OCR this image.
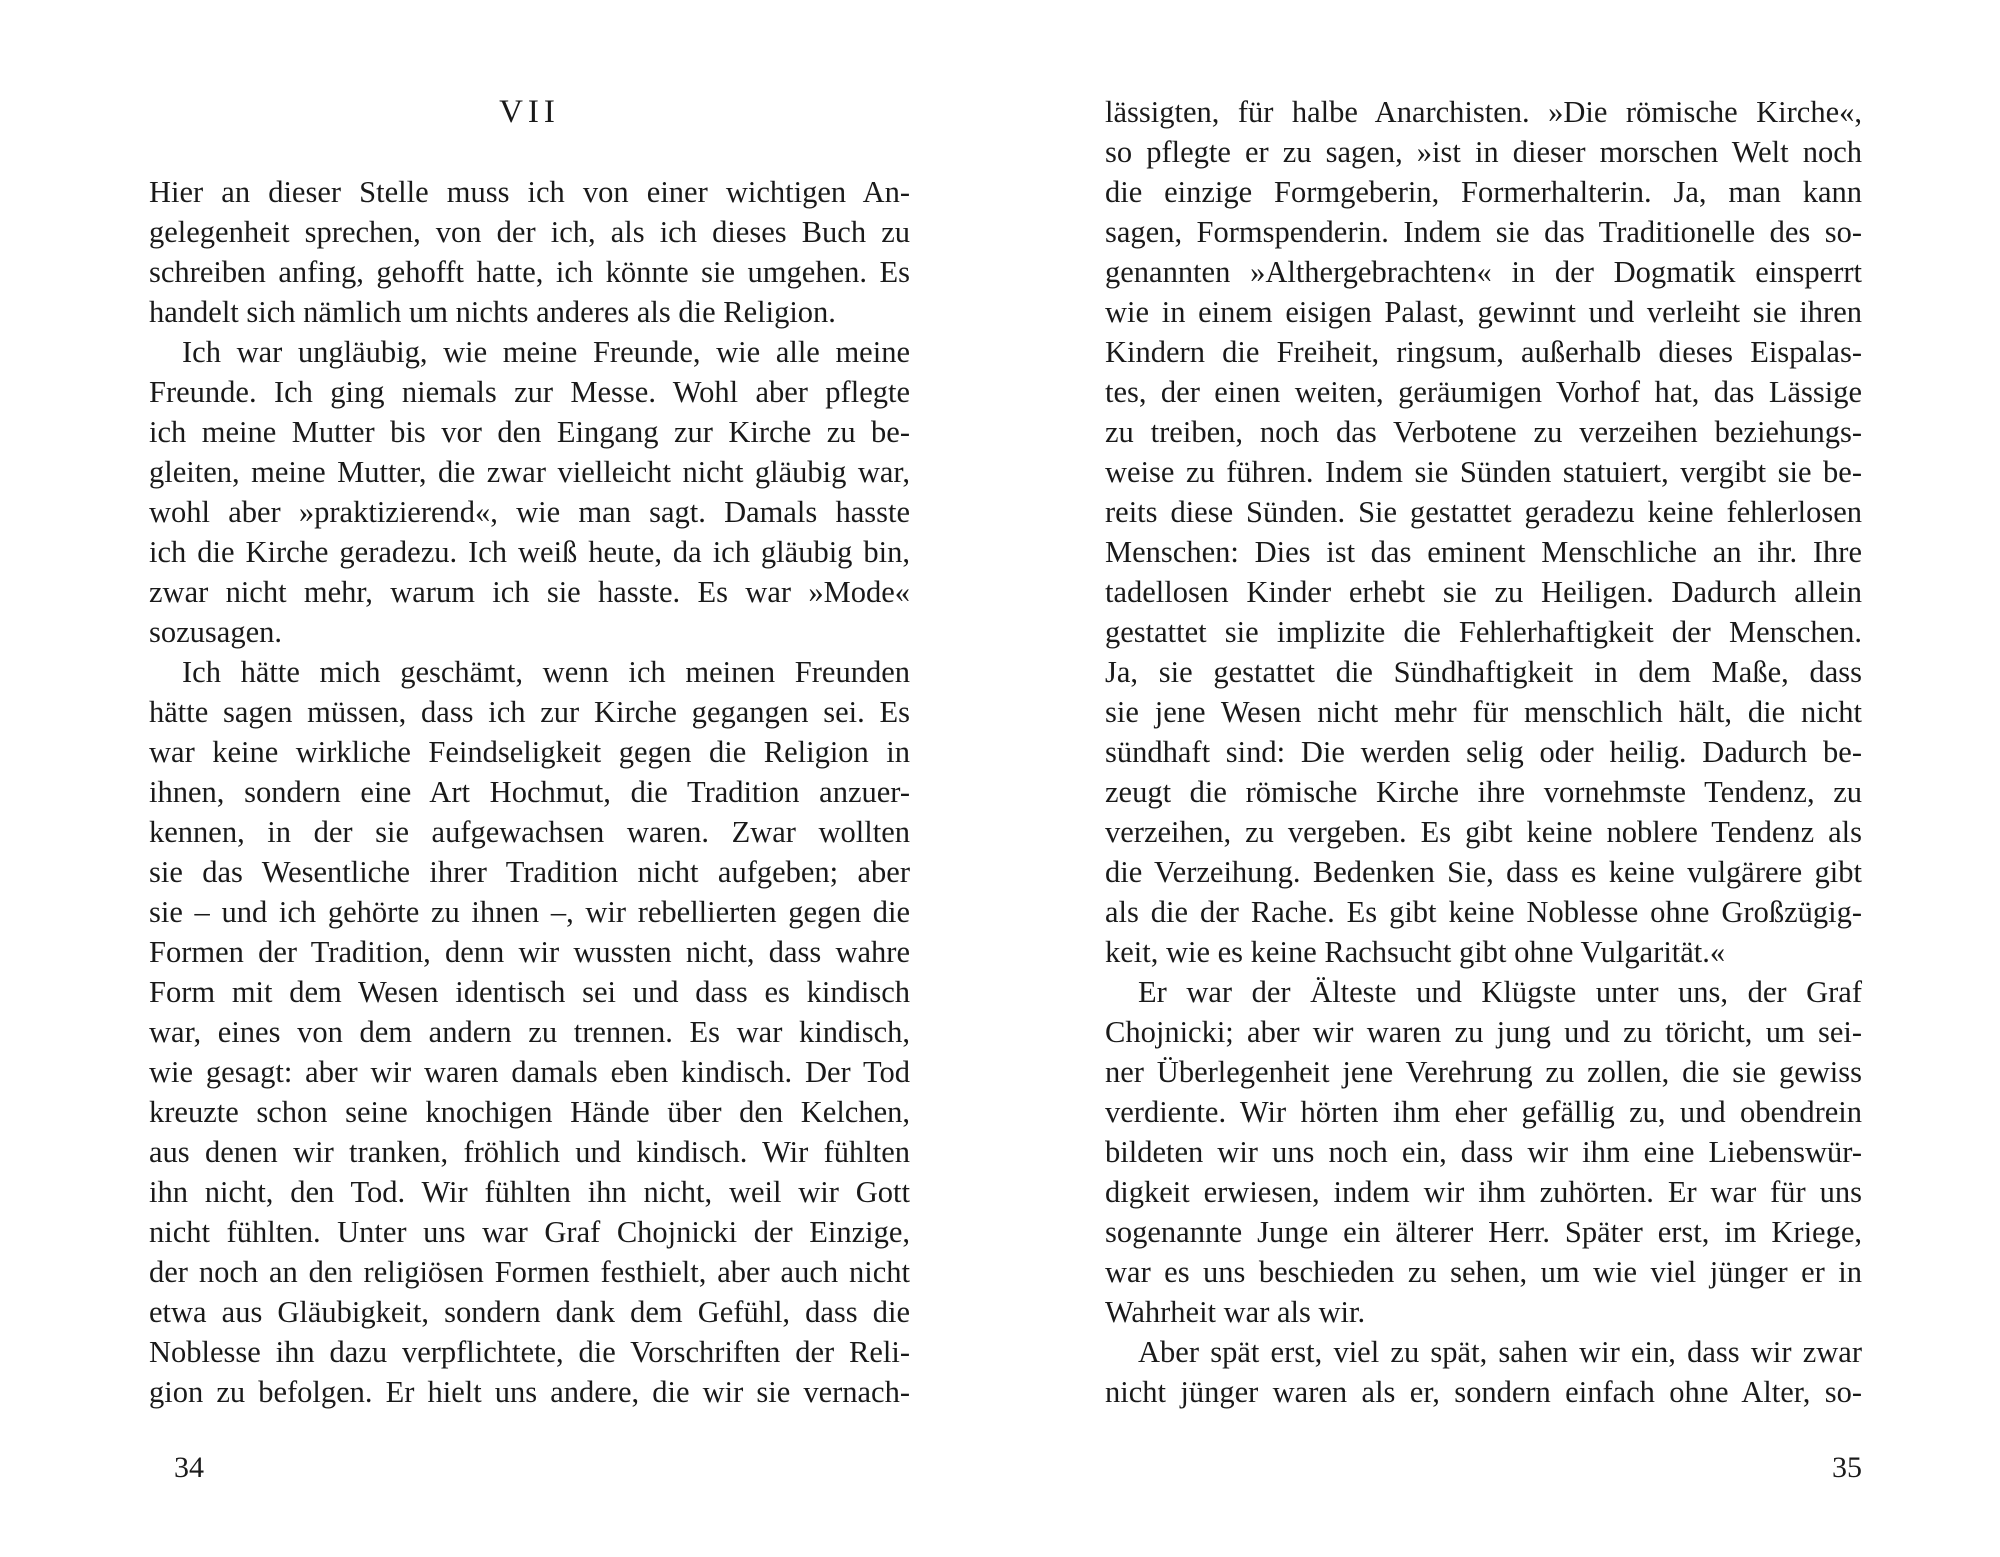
VII
Hier an dieser Stelle muss ich von einer wichtigen An-
gelegenheit sprechen, von der ich, als ich dieses Buch zu
schreiben anfing, gehofft hatte, ich könnte sie umgehen. Es
handelt sich nämlich um nichts anderes als die Religion.
Ich war ungläubig, wie meine Freunde, wie alle meine
Freunde. Ich ging niemals zur Messe. Wohl aber pflegte
ich meine Mutter bis vor den Eingang zur Kirche zu be-
gleiten, meine Mutter, die zwar vielleicht nicht gläubig war,
wohl aber »praktizierend«, wie man sagt. Damals hasste
ich die Kirche geradezu. Ich weiß heute, da ich gläubig bin,
zwar nicht mehr, warum ich sie hasste. Es war »Mode«
sozusagen.
Ich hätte mich geschämt, wenn ich meinen Freunden
hätte sagen müssen, dass ich zur Kirche gegangen sei. Es
war keine wirkliche Feindseligkeit gegen die Religion in
ihnen, sondern eine Art Hochmut, die Tradition anzuer-
kennen, in der sie aufgewachsen waren. Zwar wollten
sie das Wesentliche ihrer Tradition nicht aufgeben; aber
sie – und ich gehörte zu ihnen –, wir rebellierten gegen die
Formen der Tradition, denn wir wussten nicht, dass wahre
Form mit dem Wesen identisch sei und dass es kindisch
war, eines von dem andern zu trennen. Es war kindisch,
wie gesagt: aber wir waren damals eben kindisch. Der Tod
kreuzte schon seine knochigen Hände über den Kelchen,
aus denen wir tranken, fröhlich und kindisch. Wir fühlten
ihn nicht, den Tod. Wir fühlten ihn nicht, weil wir Gott
nicht fühlten. Unter uns war Graf Chojnicki der Einzige,
der noch an den religiösen Formen festhielt, aber auch nicht
etwa aus Gläubigkeit, sondern dank dem Gefühl, dass die
Noblesse ihn dazu verpflichtete, die Vorschriften der Reli-
gion zu befolgen. Er hielt uns andere, die wir sie vernach-
34
lässigten, für halbe Anarchisten. »Die römische Kirche«,
so pflegte er zu sagen, »ist in dieser morschen Welt noch
die einzige Formgeberin, Formerhalterin. Ja, man kann
sagen, Formspenderin. Indem sie das Traditionelle des so-
genannten »Althergebrachten« in der Dogmatik einsperrt
wie in einem eisigen Palast, gewinnt und verleiht sie ihren
Kindern die Freiheit, ringsum, außerhalb dieses Eispalas-
tes, der einen weiten, geräumigen Vorhof hat, das Lässige
zu treiben, noch das Verbotene zu verzeihen beziehungs-
weise zu führen. Indem sie Sünden statuiert, vergibt sie be-
reits diese Sünden. Sie gestattet geradezu keine fehlerlosen
Menschen: Dies ist das eminent Menschliche an ihr. Ihre
tadellosen Kinder erhebt sie zu Heiligen. Dadurch allein
gestattet sie implizite die Fehlerhaftigkeit der Menschen.
Ja, sie gestattet die Sündhaftigkeit in dem Maße, dass
sie jene Wesen nicht mehr für menschlich hält, die nicht
sündhaft sind: Die werden selig oder heilig. Dadurch be-
zeugt die römische Kirche ihre vornehmste Tendenz, zu
verzeihen, zu vergeben. Es gibt keine noblere Tendenz als
die Verzeihung. Bedenken Sie, dass es keine vulgärere gibt
als die der Rache. Es gibt keine Noblesse ohne Großzügig-
keit, wie es keine Rachsucht gibt ohne Vulgarität.«
Er war der Älteste und Klügste unter uns, der Graf
Chojnicki; aber wir waren zu jung und zu töricht, um sei-
ner Überlegenheit jene Verehrung zu zollen, die sie gewiss
verdiente. Wir hörten ihm eher gefällig zu, und obendrein
bildeten wir uns noch ein, dass wir ihm eine Liebenswür-
digkeit erwiesen, indem wir ihm zuhörten. Er war für uns
sogenannte Junge ein älterer Herr. Später erst, im Kriege,
war es uns beschieden zu sehen, um wie viel jünger er in
Wahrheit war als wir.
Aber spät erst, viel zu spät, sahen wir ein, dass wir zwar
nicht jünger waren als er, sondern einfach ohne Alter, so-
35
